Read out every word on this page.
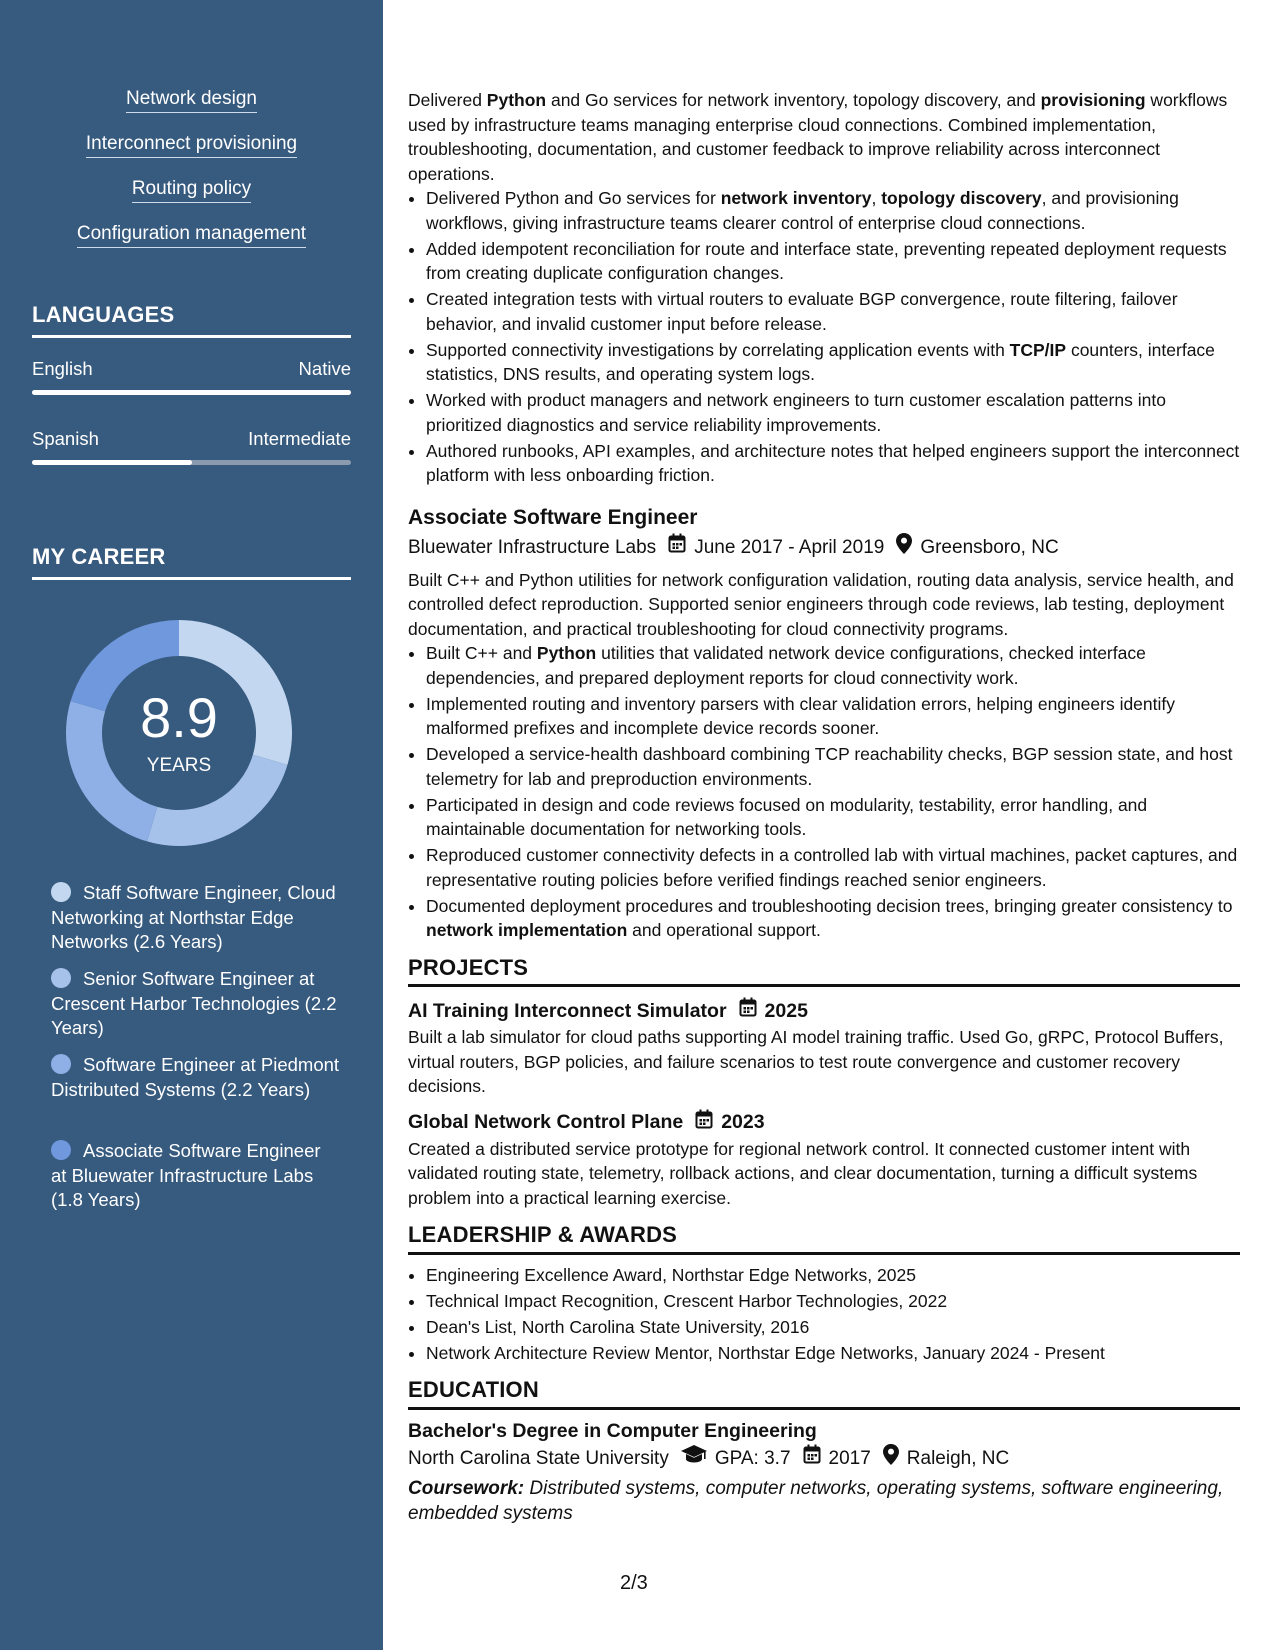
Network design
Interconnect provisioning
Routing policy
Configuration management
LANGUAGES
English	Native
Spanish	Intermediate
MY CAREER
8.9
YEARS
Staff Software Engineer, Cloud Networking at Northstar Edge Networks (2.6 Years)
Senior Software Engineer at Crescent Harbor Technologies (2.2 Years)
Software Engineer at Piedmont Distributed Systems (2.2 Years)
Associate Software Engineer at Bluewater Infrastructure Labs (1.8 Years)

Delivered Python and Go services for network inventory, topology discovery, and provisioning workflows used by infrastructure teams managing enterprise cloud connections. Combined implementation, troubleshooting, documentation, and customer feedback to improve reliability across interconnect operations.

• Delivered Python and Go services for network inventory, topology discovery, and provisioning workflows, giving infrastructure teams clearer control of enterprise cloud connections.
• Added idempotent reconciliation for route and interface state, preventing repeated deployment requests from creating duplicate configuration changes.
• Created integration tests with virtual routers to evaluate BGP convergence, route filtering, failover behavior, and invalid customer input before release.
• Supported connectivity investigations by correlating application events with TCP/IP counters, interface statistics, DNS results, and operating system logs.
• Worked with product managers and network engineers to turn customer escalation patterns into prioritized diagnostics and service reliability improvements.
• Authored runbooks, API examples, and architecture notes that helped engineers support the interconnect platform with less onboarding friction.
Associate Software Engineer
Bluewater Infrastructure Labs June 2017 - April 2019 Greensboro, NC

Built C++ and Python utilities for network configuration validation, routing data analysis, service health, and controlled defect reproduction. Supported senior engineers through code reviews, lab testing, deployment documentation, and practical troubleshooting for cloud connectivity programs.

• Built C++ and Python utilities that validated network device configurations, checked interface dependencies, and prepared deployment reports for cloud connectivity work.
• Implemented routing and inventory parsers with clear validation errors, helping engineers identify malformed prefixes and incomplete device records sooner.
• Developed a service-health dashboard combining TCP reachability checks, BGP session state, and host telemetry for lab and preproduction environments.
• Participated in design and code reviews focused on modularity, testability, error handling, and maintainable documentation for networking tools.
• Reproduced customer connectivity defects in a controlled lab with virtual machines, packet captures, and representative routing policies before verified findings reached senior engineers.
• Documented deployment procedures and troubleshooting decision trees, bringing greater consistency to network implementation and operational support.
PROJECTS
AI Training Interconnect Simulator 2025

Built a lab simulator for cloud paths supporting AI model training traffic. Used Go, gRPC, Protocol Buffers, virtual routers, BGP policies, and failure scenarios to test route convergence and customer recovery decisions.

Global Network Control Plane 2023

Created a distributed service prototype for regional network control. It connected customer intent with validated routing state, telemetry, rollback actions, and clear documentation, turning a difficult systems problem into a practical learning exercise.

LEADERSHIP & AWARDS
• Engineering Excellence Award, Northstar Edge Networks, 2025
• Technical Impact Recognition, Crescent Harbor Technologies, 2022
• Dean's List, North Carolina State University, 2016
• Network Architecture Review Mentor, Northstar Edge Networks, January 2024 - Present
EDUCATION
Bachelor's Degree in Computer Engineering
North Carolina State University GPA: 3.7 2017 Raleigh, NC
Coursework: Distributed systems, computer networks, operating systems, software engineering, embedded systems
2/3
